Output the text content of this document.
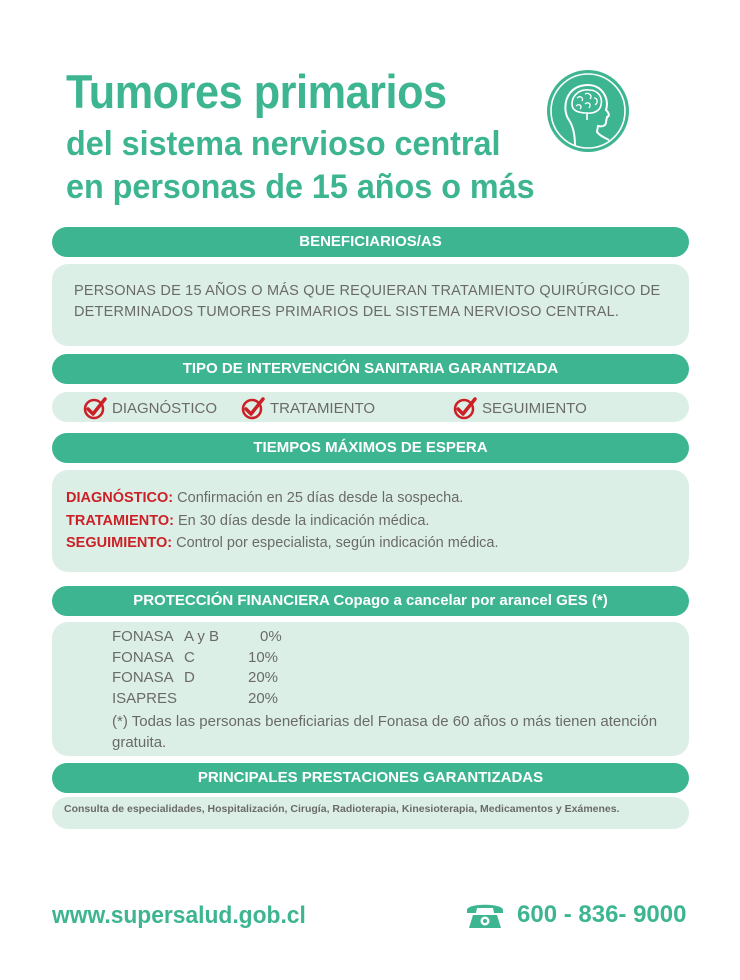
Tumores primarios
del sistema nervioso central
en personas de 15 años o más
BENEFICIARIOS/AS
PERSONAS DE 15 AÑOS O MÁS QUE REQUIERAN TRATAMIENTO QUIRÚRGICO DE DETERMINADOS TUMORES PRIMARIOS DEL SISTEMA NERVIOSO CENTRAL.
TIPO DE INTERVENCIÓN SANITARIA GARANTIZADA
DIAGNÓSTICO	TRATAMIENTO	SEGUIMIENTO
TIEMPOS MÁXIMOS DE ESPERA
DIAGNÓSTICO: Confirmación en 25 días desde la sospecha.
TRATAMIENTO: En 30 días desde la indicación médica.
SEGUIMIENTO: Control por especialista, según indicación médica.
PROTECCIÓN FINANCIERA Copago a cancelar por arancel GES (*)
FONASA A y B	0%
FONASA C	10%
FONASA D	20%
ISAPRES	20%
(*) Todas las personas beneficiarias del Fonasa de 60 años o más tienen atención gratuita.
PRINCIPALES PRESTACIONES GARANTIZADAS
Consulta de especialidades, Hospitalización, Cirugía, Radioterapia, Kinesioterapia, Medicamentos y Exámenes.
www.supersalud.gob.cl	600 - 836- 9000
